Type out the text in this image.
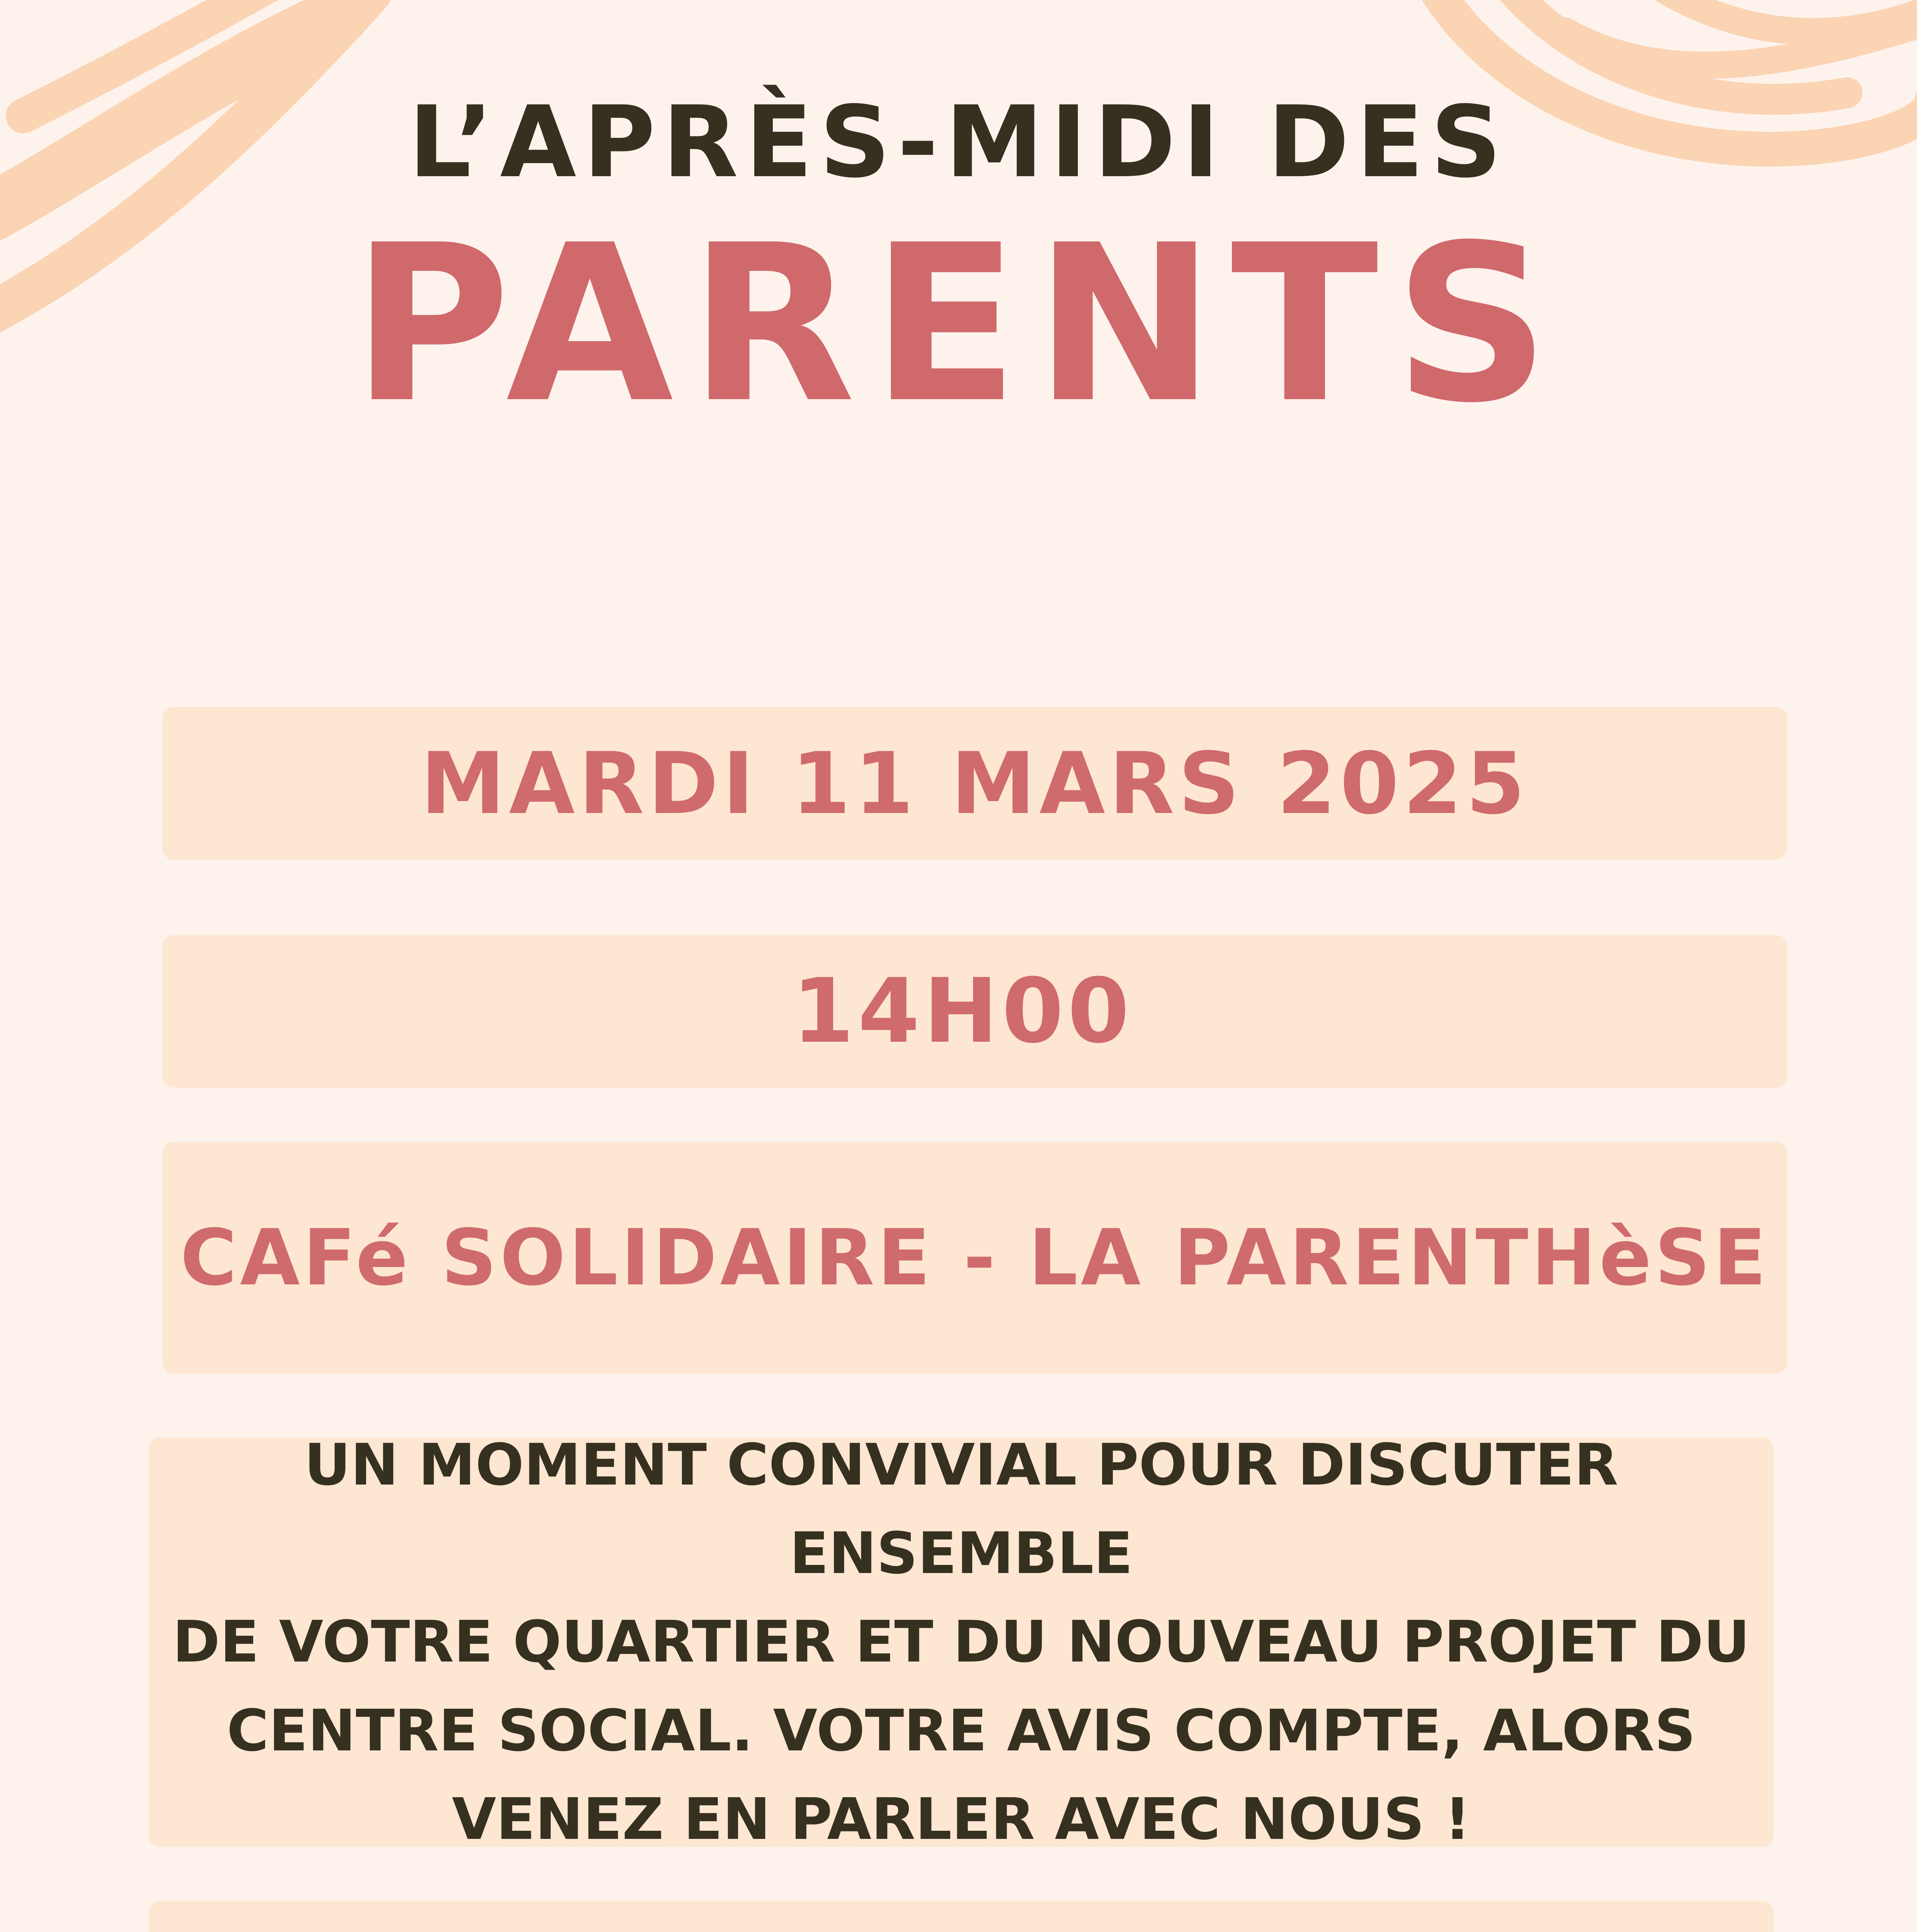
L’APRÈS-MIDI DES
PARENTS
MARDI 11 MARS 2025
14H00
CAFé SOLIDAIRE - LA PARENTHèSE
UN MOMENT CONVIVIAL POUR DISCUTER ENSEMBLE
DE VOTRE QUARTIER ET DU NOUVEAU PROJET DU
CENTRE SOCIAL. VOTRE AVIS COMPTE, ALORS
VENEZ EN PARLER AVEC NOUS !
